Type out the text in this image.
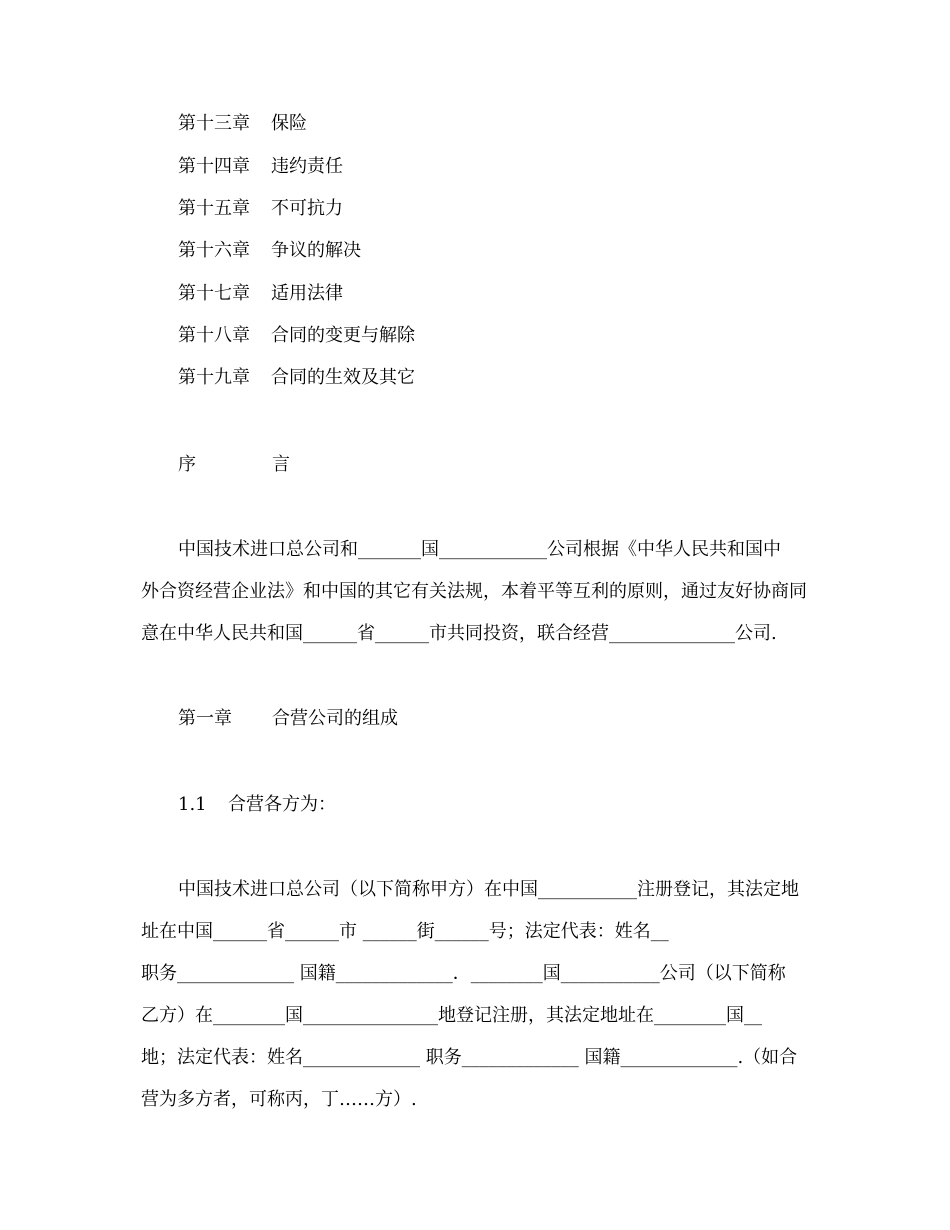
第十三章 保险
第十四章 违约责任
第十五章 不可抗力
第十六章 争议的解决
第十七章 适用法律
第十八章 合同的变更与解除
第十九章 合同的生效及其它
序	言
中国技术进口总公司和_______国____________公司根据《中华人民共和国中
外合资经营企业法》和中国的其它有关法规，本着平等互利的原则，通过友好协商同
意在中华人民共和国______省______市共同投资，联合经营______________公司.
第一章 合营公司的组成
1.1 合营各方为：
中国技术进口总公司（以下简称甲方）在中国___________注册登记，其法定地
址在中国______省______市 ______街______号；法定代表：姓名__
职务_____________ 国籍_____________．________国___________公司（以下简称
乙方）在________国_______________地登记注册，其法定地址在________国__
地；法定代表：姓名_____________ 职务_____________ 国籍_____________.（如合
营为多方者，可称丙，丁……方）.
